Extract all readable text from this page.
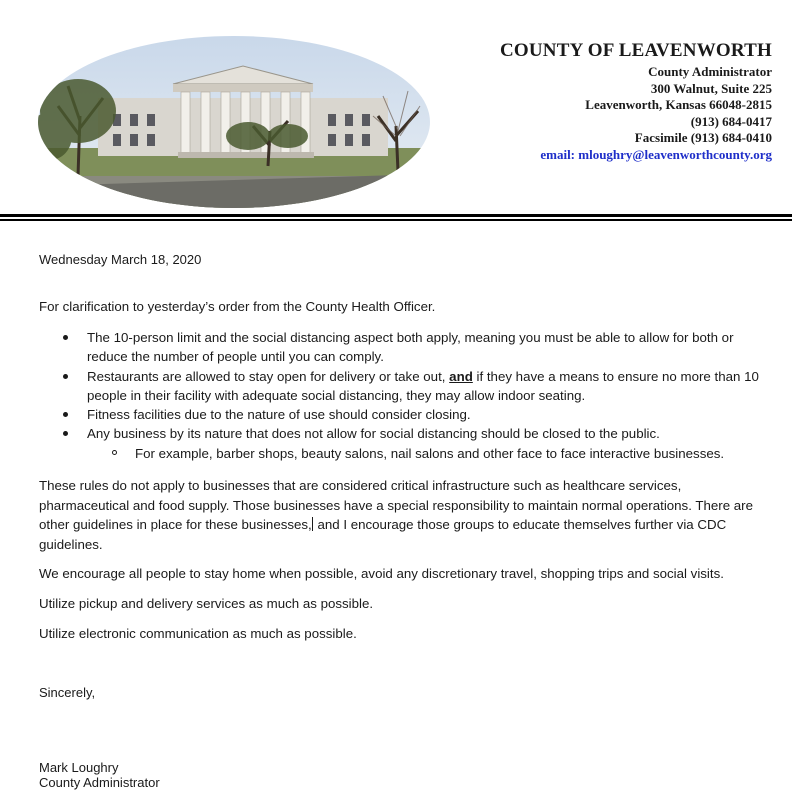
COUNTY OF LEAVENWORTH
County Administrator
300 Walnut, Suite 225
Leavenworth, Kansas 66048-2815
(913) 684-0417
Facsimile (913) 684-0410
email: mloughry@leavenworthcounty.org
Wednesday March 18, 2020
For clarification to yesterday’s order from the County Health Officer.
The 10-person limit and the social distancing aspect both apply, meaning you must be able to allow for both or reduce the number of people until you can comply.
Restaurants are allowed to stay open for delivery or take out, and if they have a means to ensure no more than 10 people in their facility with adequate social distancing, they may allow indoor seating.
Fitness facilities due to the nature of use should consider closing.
Any business by its nature that does not allow for social distancing should be closed to the public.
For example, barber shops, beauty salons, nail salons and other face to face interactive businesses.
These rules do not apply to businesses that are considered critical infrastructure such as healthcare services, pharmaceutical and food supply. Those businesses have a special responsibility to maintain normal operations. There are other guidelines in place for these businesses, and I encourage those groups to educate themselves further via CDC guidelines.
We encourage all people to stay home when possible, avoid any discretionary travel, shopping trips and social visits.
Utilize pickup and delivery services as much as possible.
Utilize electronic communication as much as possible.
Sincerely,
Mark Loughry
County Administrator
